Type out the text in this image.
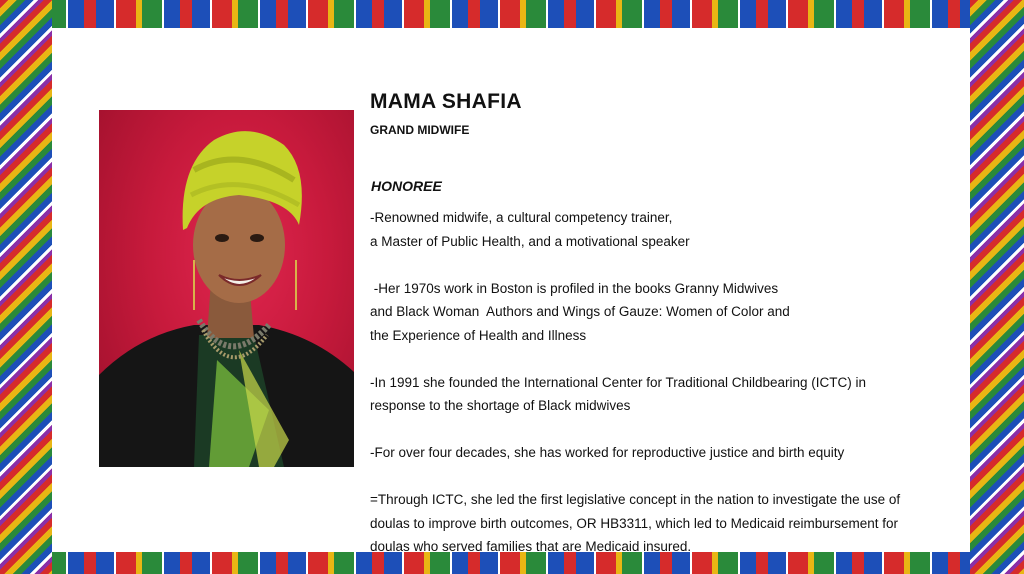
MAMA SHAFIA
GRAND MIDWIFE
HONOREE

-Renowned midwife, a cultural competency trainer,
a Master of Public Health, and a motivational speaker

-Her 1970s work in Boston is profiled in the books Granny Midwives
and Black Woman  Authors and Wings of Gauze: Women of Color and
the Experience of Health and Illness

-In 1991 she founded the International Center for Traditional Childbearing (ICTC) in
response to the shortage of Black midwives

-For over four decades, she has worked for reproductive justice and birth equity

=Through ICTC, she led the first legislative concept in the nation to investigate the use of
doulas to improve birth outcomes, OR HB3311, which led to Medicaid reimbursement for
doulas who served families that are Medicaid insured.
